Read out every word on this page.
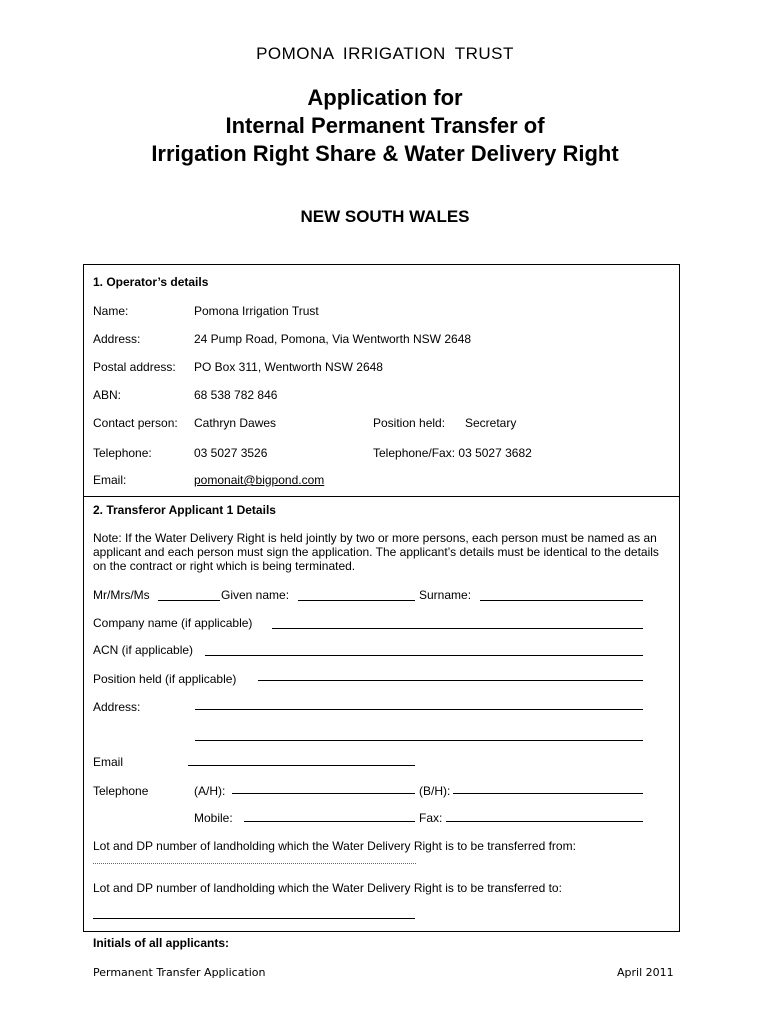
POMONA IRRIGATION TRUST
Application for
Internal Permanent Transfer of
Irrigation Right Share & Water Delivery Right
NEW SOUTH WALES
1. Operator’s details
Name:	Pomona Irrigation Trust
Address:	24 Pump Road, Pomona, Via Wentworth NSW 2648
Postal address: PO Box 311, Wentworth NSW 2648
ABN:	68 538 782 846
Contact person: Cathryn Dawes	Position held: Secretary
Telephone:	03 5027 3526	Telephone/Fax: 03 5027 3682
Email:	pomonait@bigpond.com
2. Transferor Applicant 1 Details
Note: If the Water Delivery Right is held jointly by two or more persons, each person must be named as an applicant and each person must sign the application. The applicant’s details must be identical to the details on the contract or right which is being terminated.
Mr/Mrs/Ms	Given name:	Surname:
Company name (if applicable)
ACN (if applicable)
Position held (if applicable)
Address:
Email
Telephone	(A/H):	(B/H):
Mobile:	Fax:
Lot and DP number of landholding which the Water Delivery Right is to be transferred from:
Lot and DP number of landholding which the Water Delivery Right is to be transferred to:
Initials of all applicants:
Permanent Transfer Application	April 2011
